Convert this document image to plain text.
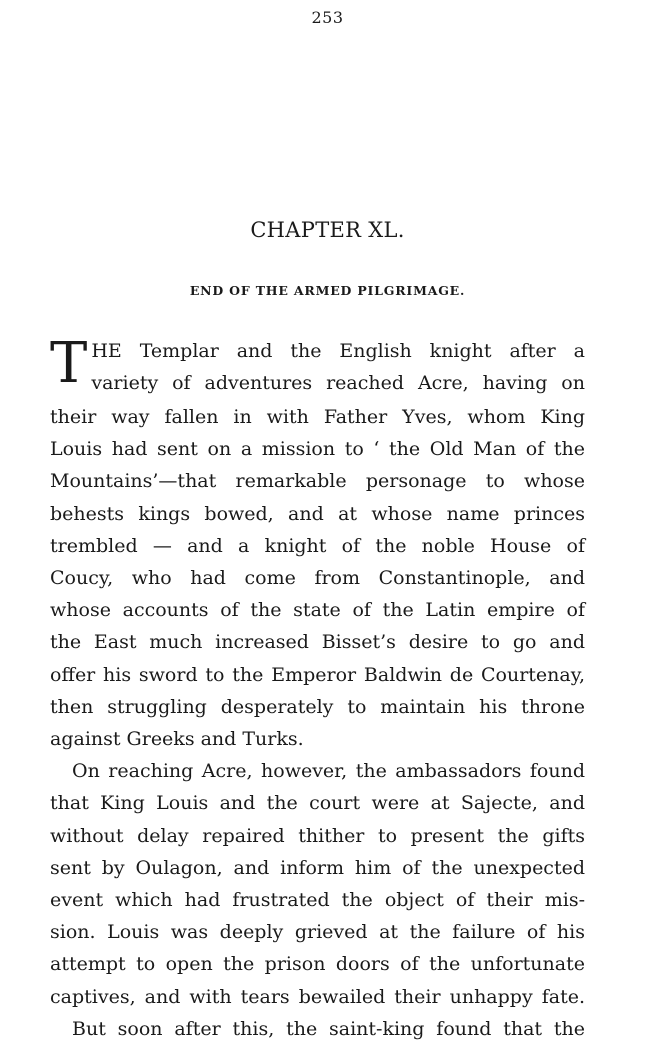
253
CHAPTER XL.
END OF THE ARMED PILGRIMAGE.
T HE Templar and the English knight after a
variety of adventures reached Acre, having on
their way fallen in with Father Yves, whom King
Louis had sent on a mission to ‘ the Old Man of the
Mountains’—that remarkable personage to whose
behests kings bowed, and at whose name princes
trembled — and a knight of the noble House of
Coucy, who had come from Constantinople, and
whose accounts of the state of the Latin empire of
the East much increased Bisset’s desire to go and
offer his sword to the Emperor Baldwin de Courtenay,
then struggling desperately to maintain his throne
against Greeks and Turks.
On reaching Acre, however, the ambassadors found
that King Louis and the court were at Sajecte, and
without delay repaired thither to present the gifts
sent by Oulagon, and inform him of the unexpected
event which had frustrated the object of their mis-
sion. Louis was deeply grieved at the failure of his
attempt to open the prison doors of the unfortunate
captives, and with tears bewailed their unhappy fate.
But soon after this, the saint-king found that the
